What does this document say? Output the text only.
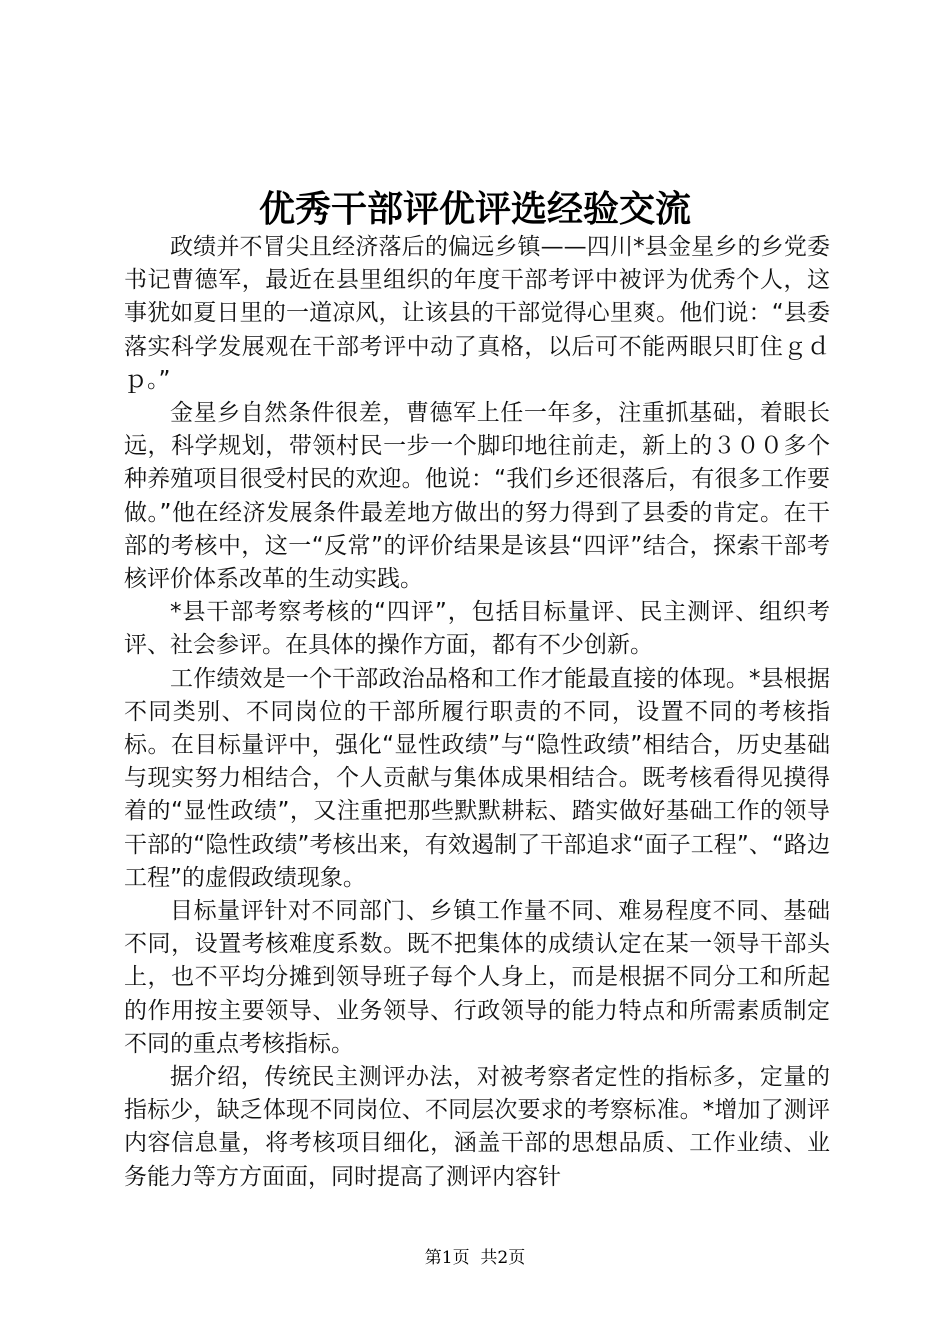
优秀干部评优评选经验交流

政绩并不冒尖且经济落后的偏远乡镇——四川*县金星乡的乡党委书记曹德军，最近在县里组织的年度干部考评中被评为优秀个人，这事犹如夏日里的一道凉风，让该县的干部觉得心里爽。他们说：“县委落实科学发展观在干部考评中动了真格，以后可不能两眼只盯住ｇｄｐ。”

金星乡自然条件很差，曹德军上任一年多，注重抓基础，着眼长远，科学规划，带领村民一步一个脚印地往前走，新上的３００多个种养殖项目很受村民的欢迎。他说：“我们乡还很落后，有很多工作要做。”他在经济发展条件最差地方做出的努力得到了县委的肯定。在干部的考核中，这一“反常”的评价结果是该县“四评”结合，探索干部考核评价体系改革的生动实践。

*县干部考察考核的“四评”，包括目标量评、民主测评、组织考评、社会参评。在具体的操作方面，都有不少创新。

工作绩效是一个干部政治品格和工作才能最直接的体现。*县根据不同类别、不同岗位的干部所履行职责的不同，设置不同的考核指标。在目标量评中，强化“显性政绩”与“隐性政绩”相结合，历史基础与现实努力相结合，个人贡献与集体成果相结合。既考核看得见摸得着的“显性政绩”，又注重把那些默默耕耘、踏实做好基础工作的领导干部的“隐性政绩”考核出来，有效遏制了干部追求“面子工程”、“路边工程”的虚假政绩现象。

目标量评针对不同部门、乡镇工作量不同、难易程度不同、基础不同，设置考核难度系数。既不把集体的成绩认定在某一领导干部头上，也不平均分摊到领导班子每个人身上，而是根据不同分工和所起的作用按主要领导、业务领导、行政领导的能力特点和所需素质制定不同的重点考核指标。

据介绍，传统民主测评办法，对被考察者定性的指标多，定量的指标少，缺乏体现不同岗位、不同层次要求的考察标准。*增加了测评内容信息量，将考核项目细化，涵盖干部的思想品质、工作业绩、业务能力等方方面面，同时提高了测评内容针

第1页 共2页
